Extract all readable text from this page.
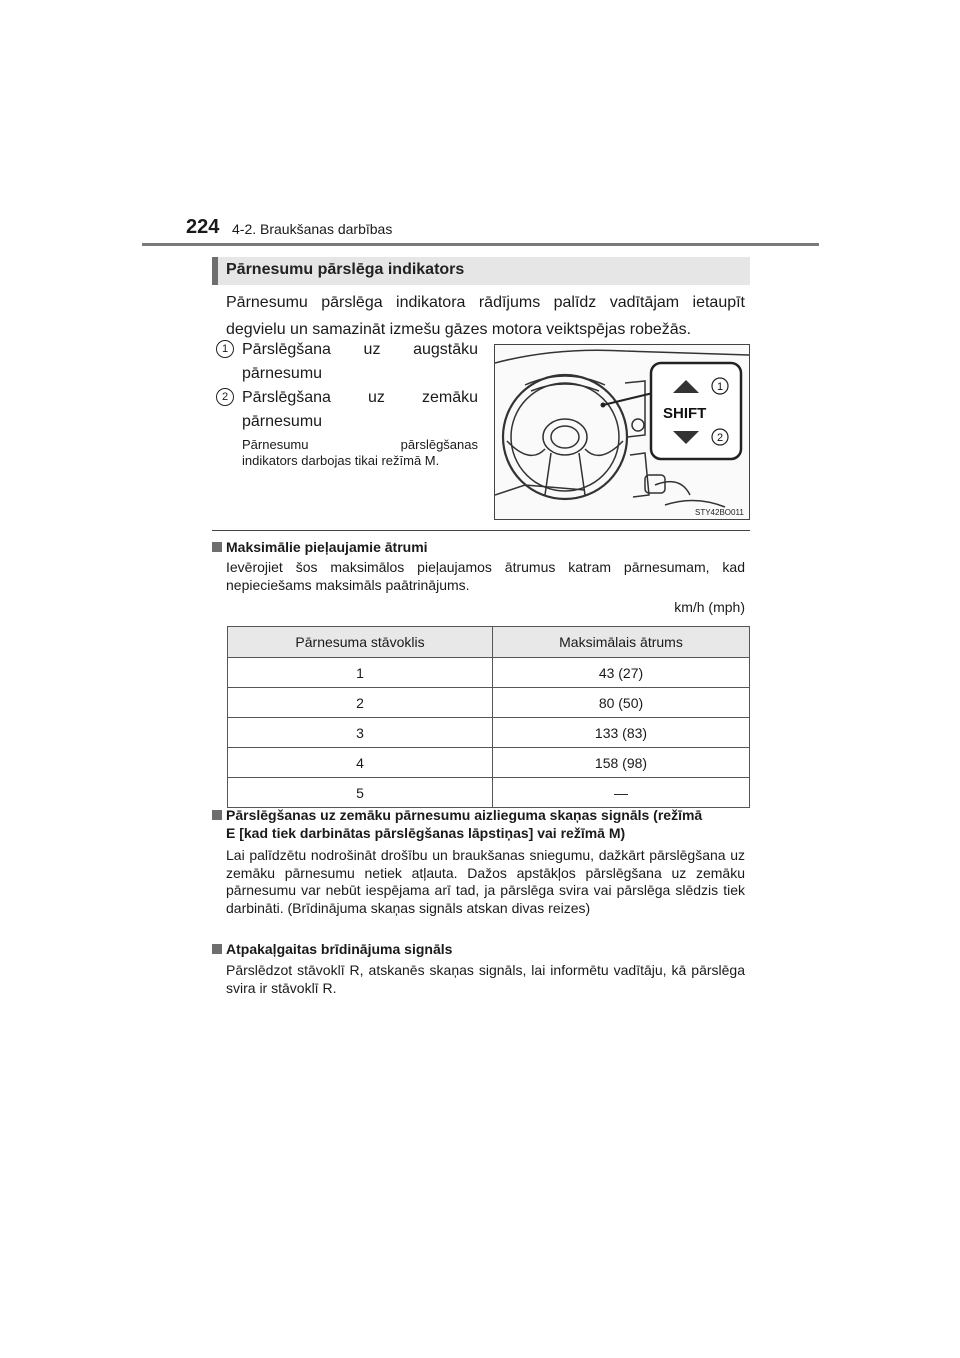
224 4-2. Braukšanas darbības
Pārnesumu pārslēga indikators
Pārnesumu pārslēga indikatora rādījums palīdz vadītājam ietaupīt
degvielu un samazināt izmešu gāzes motora veiktspējas robežās.
1 Pārslēgšana uz augstāku
pārnesumu
2 Pārslēgšana uz zemāku
pārnesumu
Pārnesumu	pārslēgšanas
indikators darbojas tikai režīmā M.
SHIFT
1
2
STY42BO011
Maksimālie pieļaujamie ātrumi
Ievērojiet šos maksimālos pieļaujamos ātrumus katram pārnesumam, kad nepieciešams maksimāls paātrinājums.
km/h (mph)
Pārnesuma stāvoklis	Maksimālais ātrums
1	43 (27)
2	80 (50)
3	133 (83)
4	158 (98)
5	—
Pārslēgšanas uz zemāku pārnesumu aizlieguma skaņas signāls (režīmā
E [kad tiek darbinātas pārslēgšanas lāpstiņas] vai režīmā M)
Lai palīdzētu nodrošināt drošību un braukšanas sniegumu, dažkārt pārslēgšana uz zemāku pārnesumu netiek atļauta. Dažos apstākļos pārslēgšana uz zemāku pārnesumu var nebūt iespējama arī tad, ja pārslēga svira vai pārslēga slēdzis tiek darbināti. (Brīdinājuma skaņas signāls atskan divas reizes)
Atpakaļgaitas brīdinājuma signāls
Pārslēdzot stāvoklī R, atskanēs skaņas signāls, lai informētu vadītāju, kā pārslēga svira ir stāvoklī R.
